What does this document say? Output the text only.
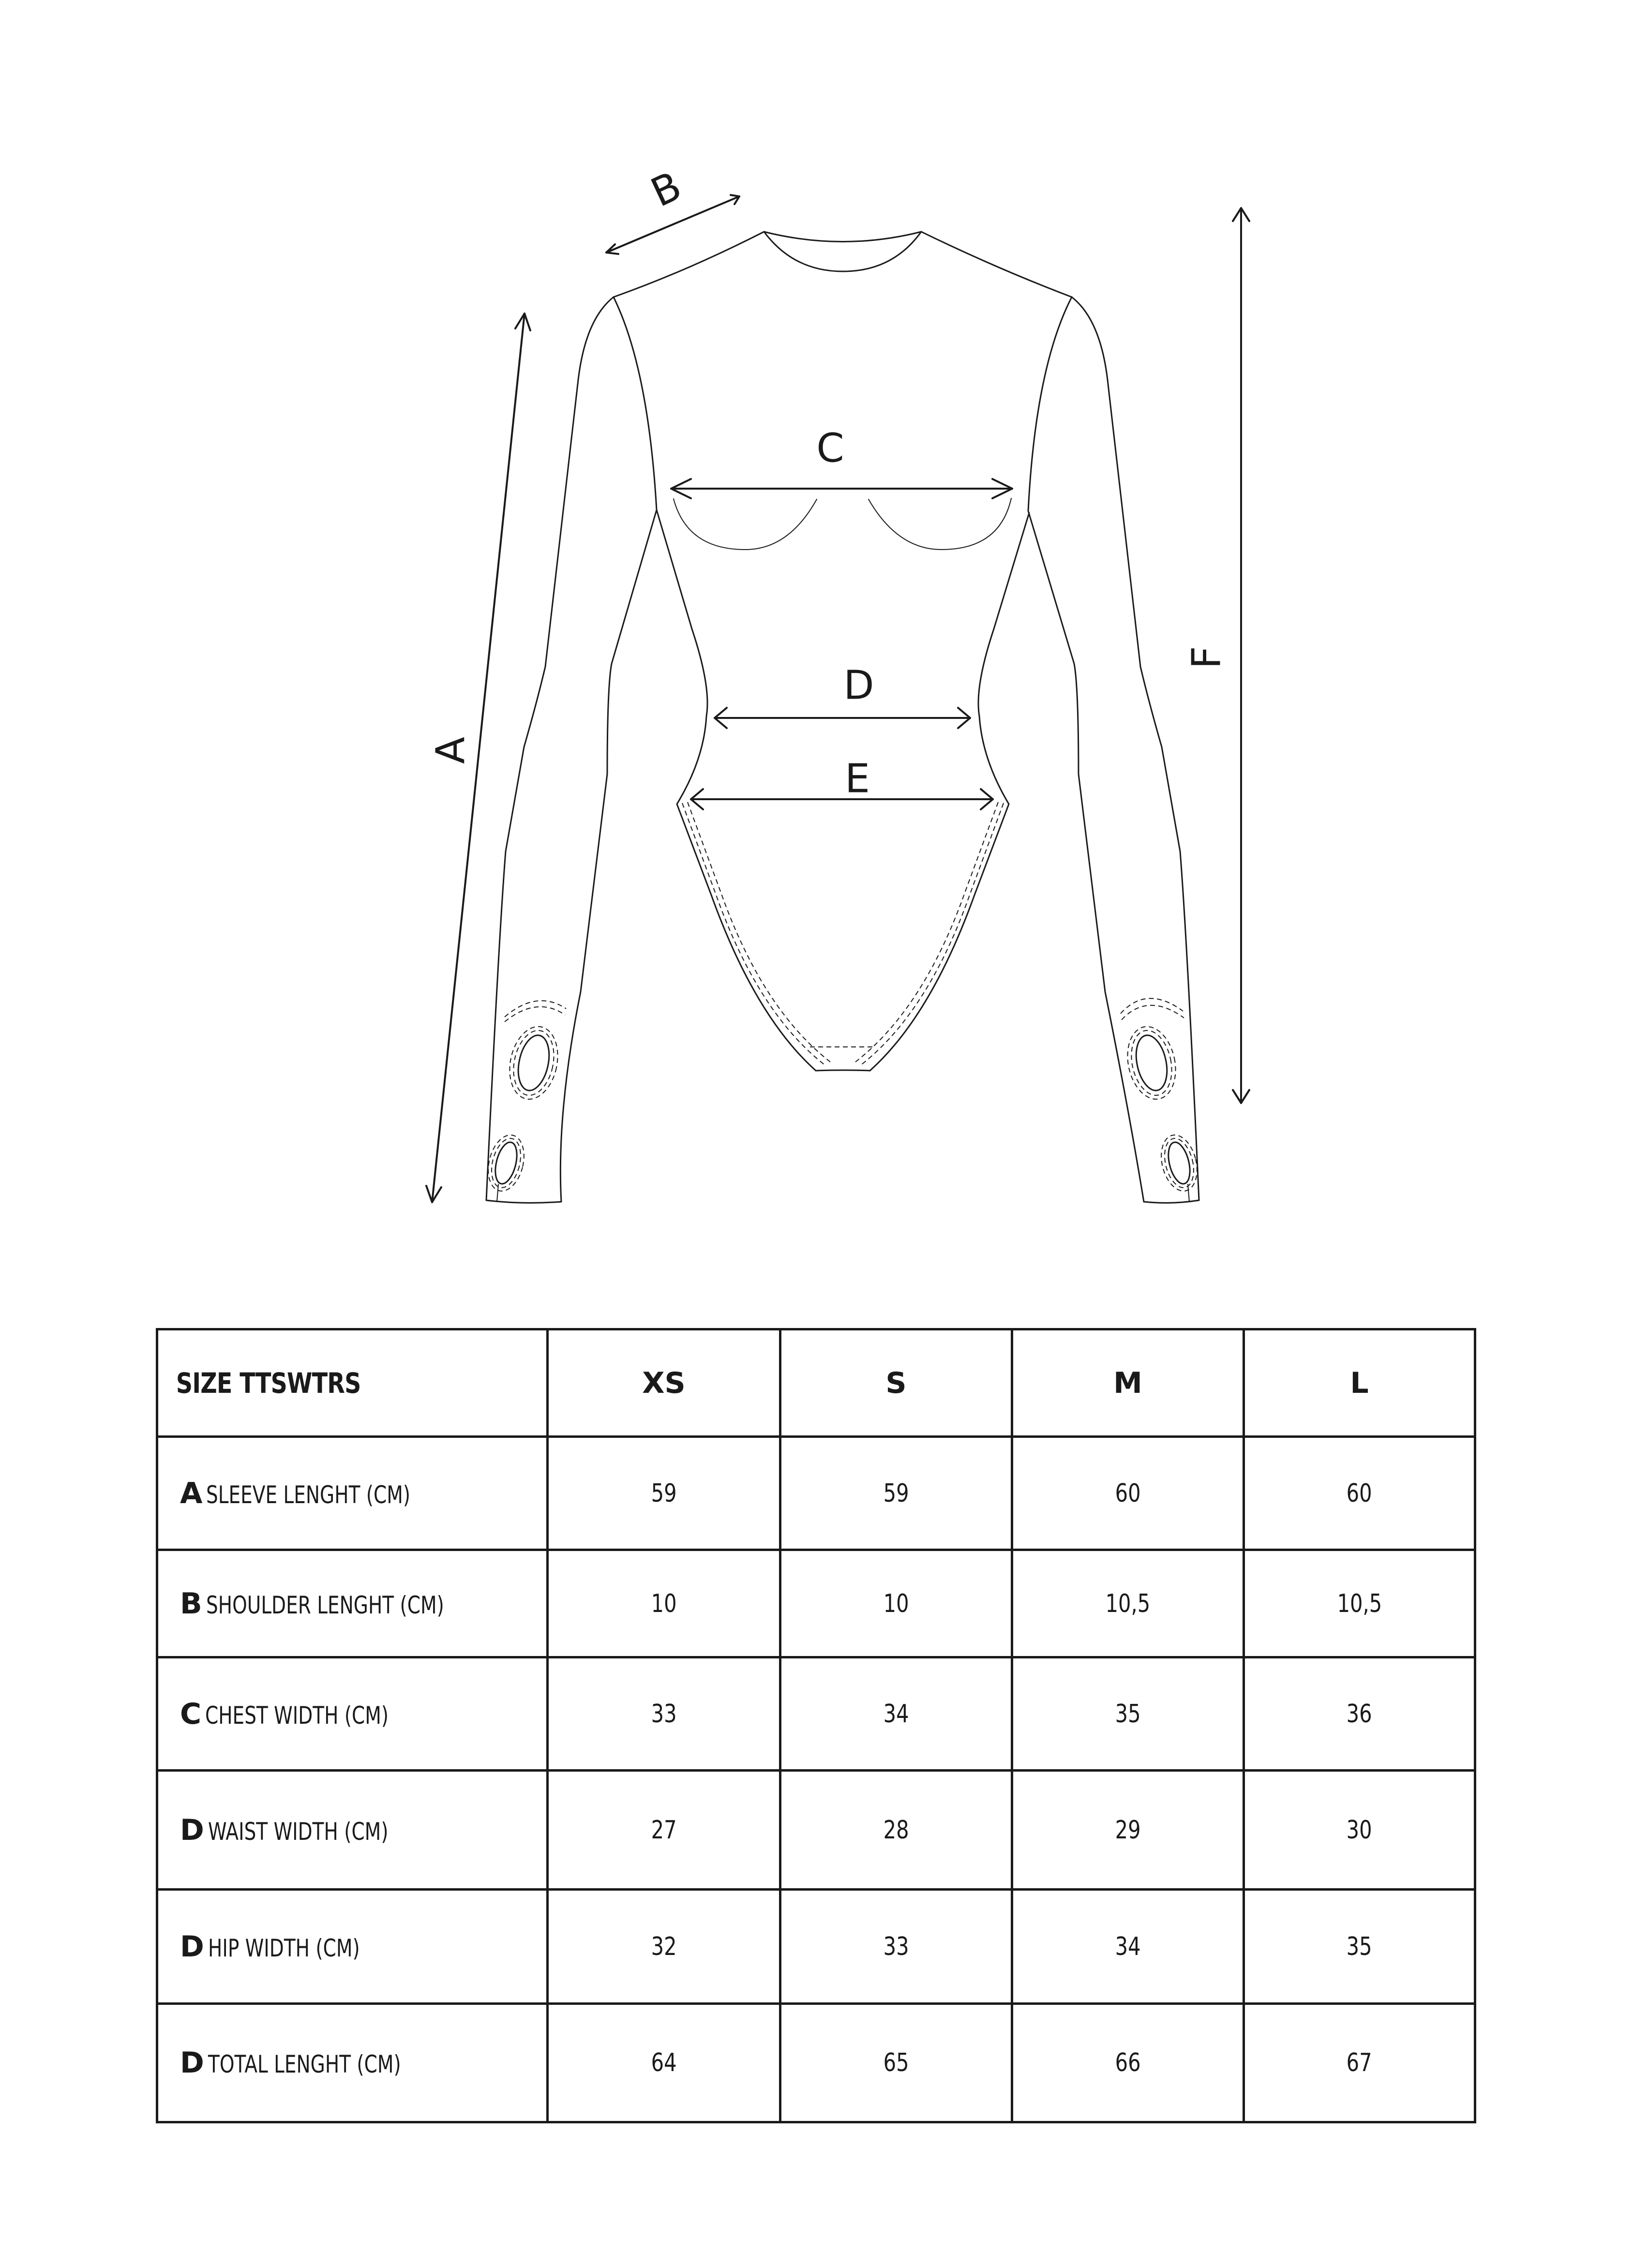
A
B
C
D
E
F
SIZE TTSWTRS	XS	S	M	L
A SLEEVE LENGHT (CM)	59	59	60	60
B SHOULDER LENGHT (CM)	10	10	10,5	10,5
C CHEST WIDTH (CM)	33	34	35	36
D WAIST WIDTH (CM)	27	28	29	30
D HIP WIDTH (CM)	32	33	34	35
D TOTAL LENGHT (CM)	64	65	66	67
